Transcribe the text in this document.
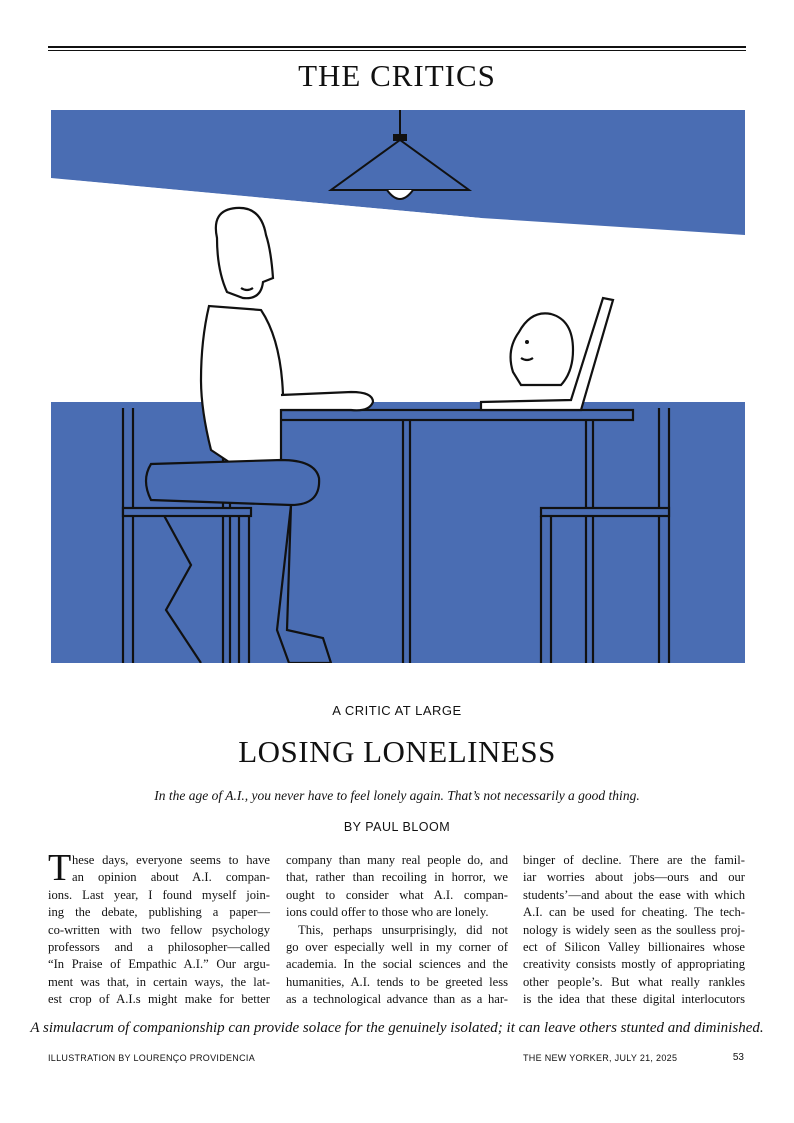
THE CRITICS
A CRITIC AT LARGE
LOSING LONELINESS
In the age of A.I., you never have to feel lonely again. That’s not necessarily a good thing.
BY PAUL BLOOM
T hese days, everyone seems to have
an opinion about A.I. compan-
ions. Last year, I found myself join-
ing the debate, publishing a paper—
co-written with two fellow psychology
professors and a philosopher—called
“In Praise of Empathic A.I.” Our argu-
ment was that, in certain ways, the lat-
est crop of A.I.s might make for better
company than many real people do, and
that, rather than recoiling in horror, we
ought to consider what A.I. compan-
ions could offer to those who are lonely.
This, perhaps unsurprisingly, did not
go over especially well in my corner of
academia. In the social sciences and the
humanities, A.I. tends to be greeted less
as a technological advance than as a har-
binger of decline. There are the famil-
iar worries about jobs—ours and our
students’—and about the ease with which
A.I. can be used for cheating. The tech-
nology is widely seen as the soulless proj-
ect of Silicon Valley billionaires whose
creativity consists mostly of appropriating
other people’s. But what really rankles
is the idea that these digital interlocutors
A simulacrum of companionship can provide solace for the genuinely isolated; it can leave others stunted and diminished.
ILLUSTRATION BY LOURENÇO PROVIDENCIA	THE NEW YORKER, JULY 21, 2025	53
